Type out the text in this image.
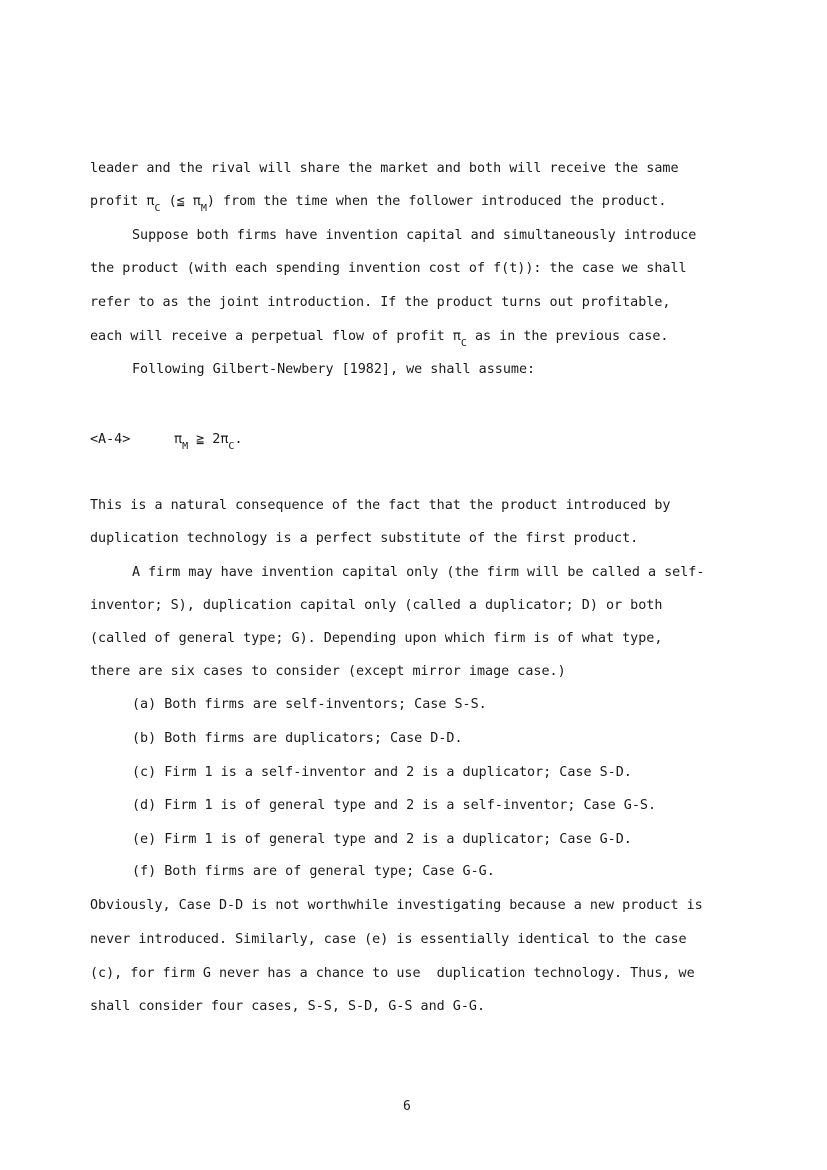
leader and the rival will share the market and both will receive the same
profit $\pi_C$ (≦ $\pi_M$) from the time when the follower introduced the product.
Suppose both firms have invention capital and simultaneously introduce
the product (with each spending invention cost of f(t)): the case we shall
refer to as the joint introduction. If the product turns out profitable,
each will receive a perpetual flow of profit $\pi_C$ as in the previous case.
Following Gilbert-Newbery [1982], we shall assume:
<A-4>	$\pi_M$ ≧ $2\pi_C$.
This is a natural consequence of the fact that the product introduced by
duplication technology is a perfect substitute of the first product.
A firm may have invention capital only (the firm will be called a self-
inventor; S), duplication capital only (called a duplicator; D) or both
(called of general type; G). Depending upon which firm is of what type,
there are six cases to consider (except mirror image case.)
(a) Both firms are self-inventors; Case S-S.
(b) Both firms are duplicators; Case D-D.
(c) Firm 1 is a self-inventor and 2 is a duplicator; Case S-D.
(d) Firm 1 is of general type and 2 is a self-inventor; Case G-S.
(e) Firm 1 is of general type and 2 is a duplicator; Case G-D.
(f) Both firms are of general type; Case G-G.
Obviously, Case D-D is not worthwhile investigating because a new product is
never introduced. Similarly, case (e) is essentially identical to the case
(c), for firm G never has a chance to use  duplication technology. Thus, we
shall consider four cases, S-S, S-D, G-S and G-G.
6
